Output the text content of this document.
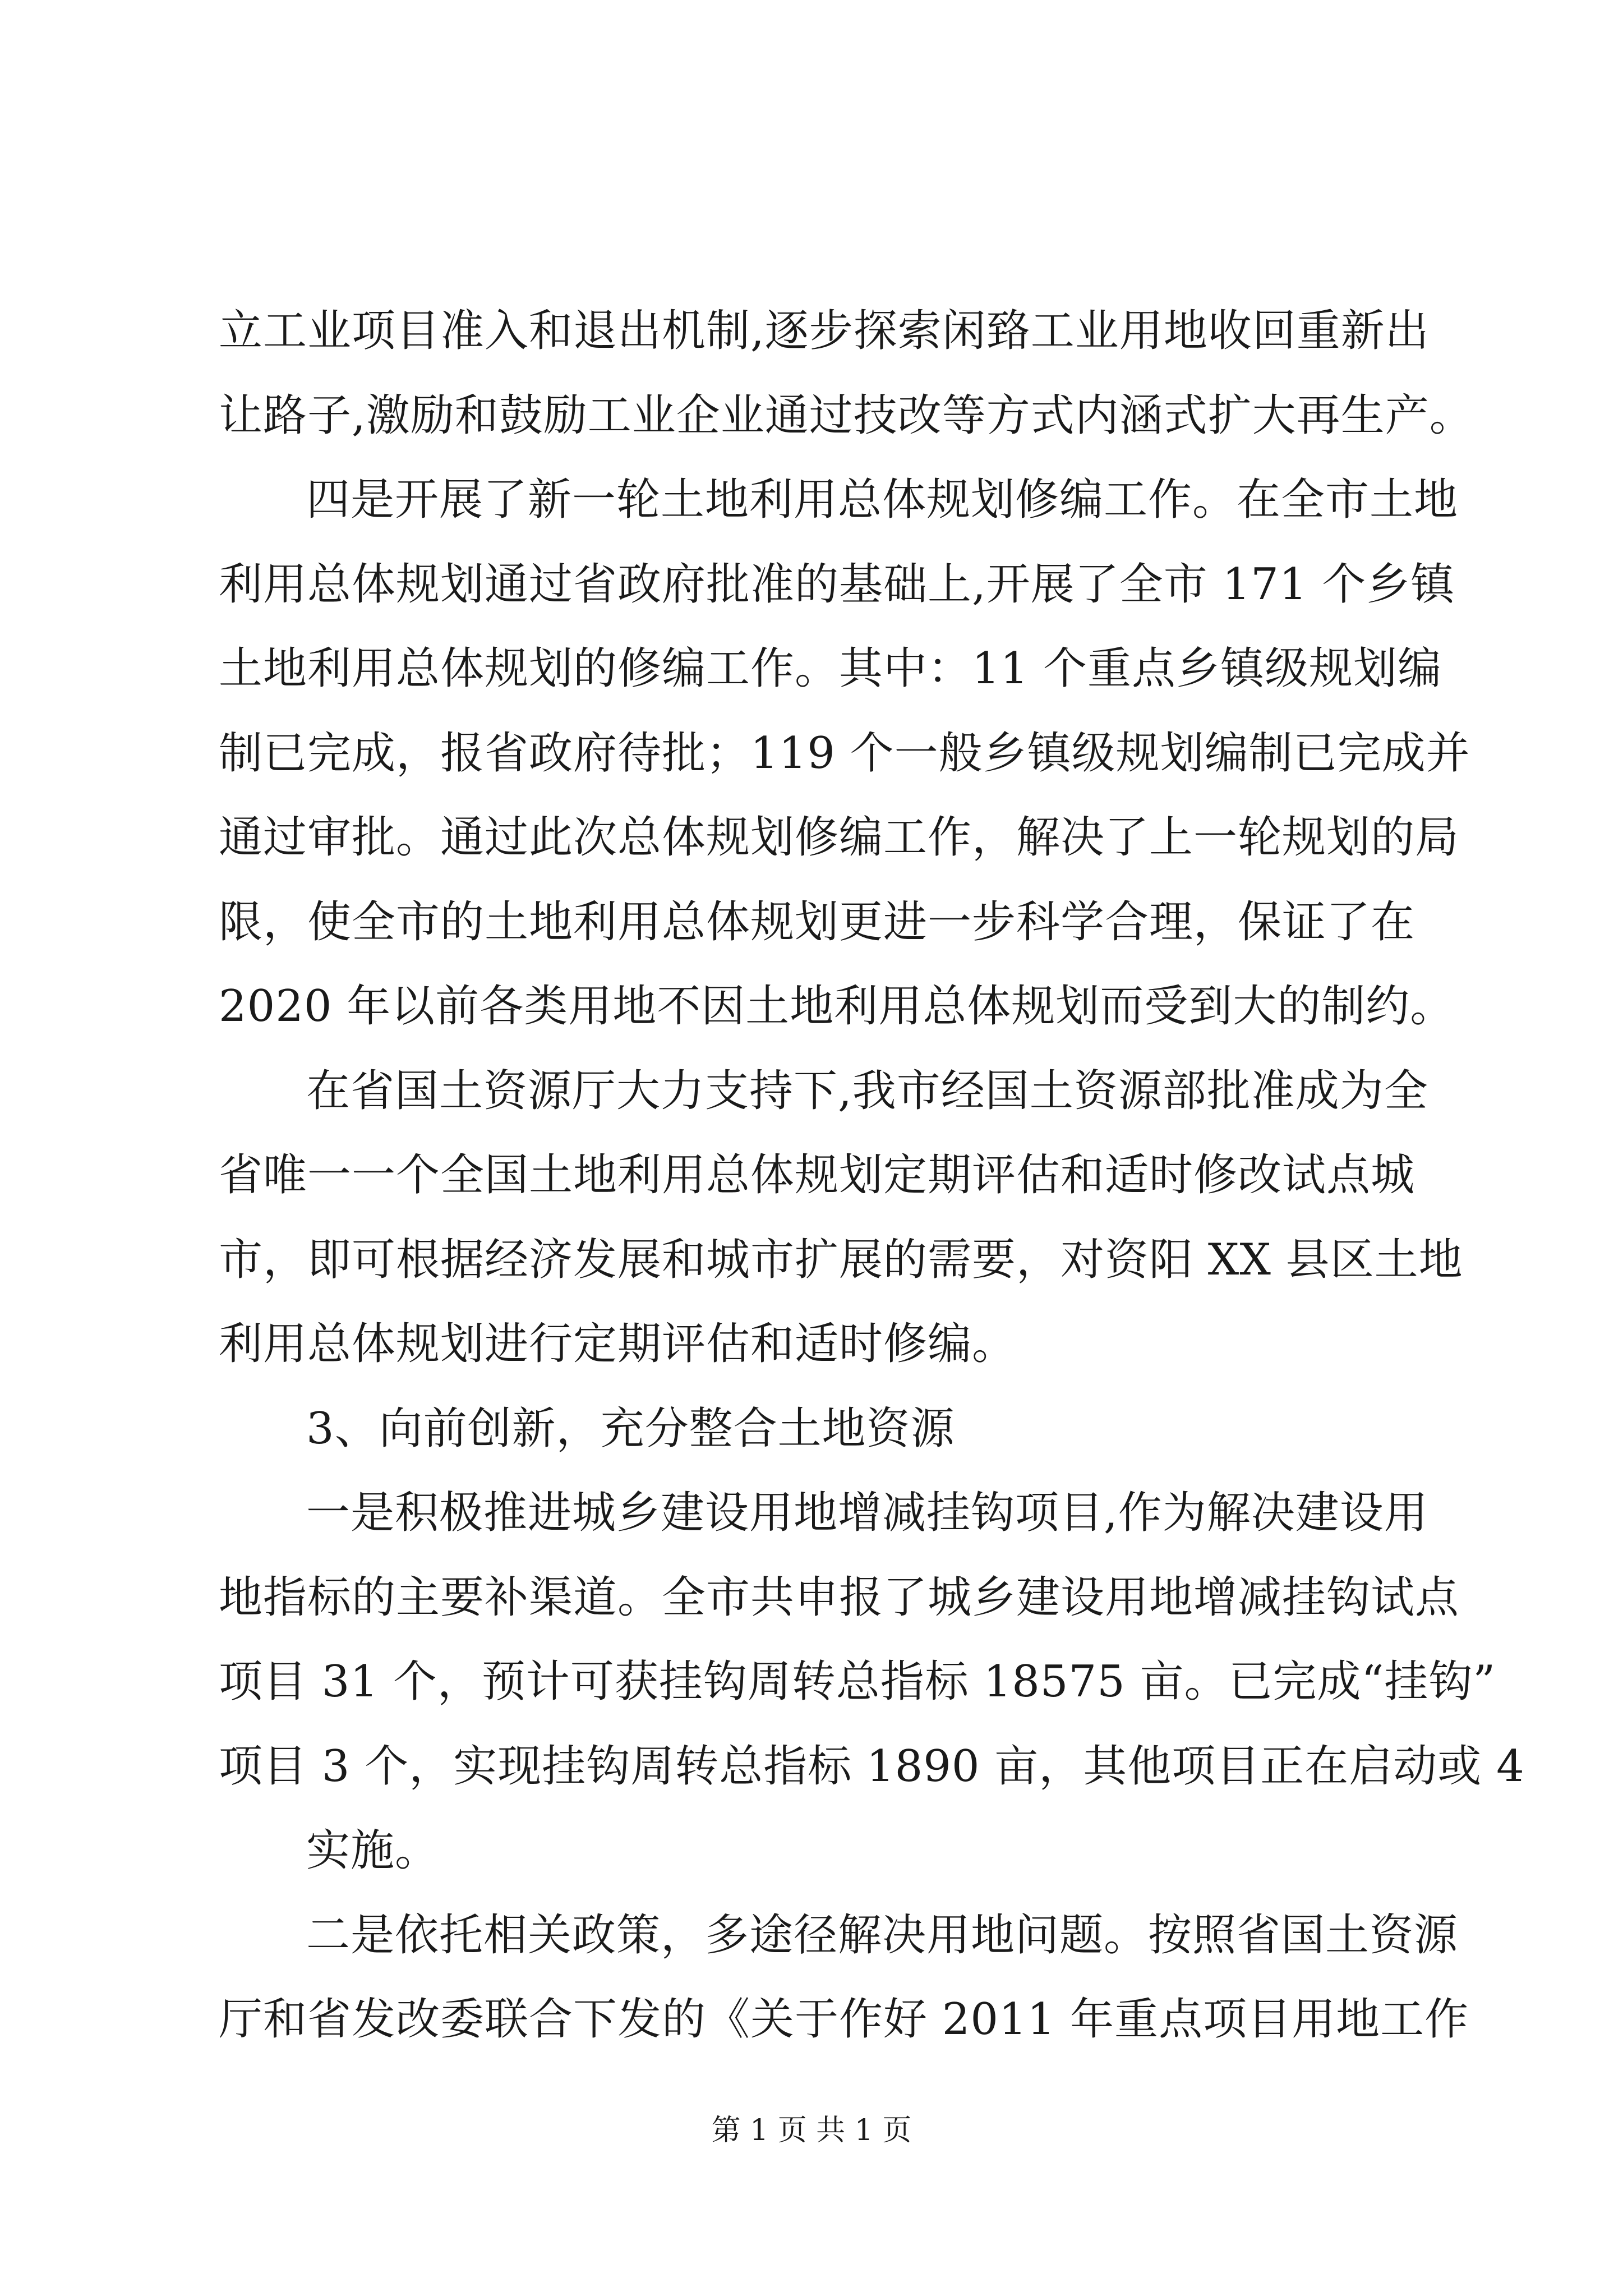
立工业项目准入和退出机制,逐步探索闲臵工业用地收回重新出
让路子,激励和鼓励工业企业通过技改等方式内涵式扩大再生产。
四是开展了新一轮土地利用总体规划修编工作。在全市土地
利用总体规划通过省政府批准的基础上,开展了全市 171 个乡镇
土地利用总体规划的修编工作。其中：11 个重点乡镇级规划编
制已完成，报省政府待批；119 个一般乡镇级规划编制已完成并
通过审批。通过此次总体规划修编工作，解决了上一轮规划的局
限，使全市的土地利用总体规划更进一步科学合理，保证了在
2020 年以前各类用地不因土地利用总体规划而受到大的制约。
在省国土资源厅大力支持下,我市经国土资源部批准成为全
省唯一一个全国土地利用总体规划定期评估和适时修改试点城
市，即可根据经济发展和城市扩展的需要，对资阳 XX 县区土地
利用总体规划进行定期评估和适时修编。
3、向前创新，充分整合土地资源
一是积极推进城乡建设用地增减挂钩项目,作为解决建设用
地指标的主要补渠道。全市共申报了城乡建设用地增减挂钩试点
项目 31 个，预计可获挂钩周转总指标 18575 亩。已完成“挂钩”
项目 3 个，实现挂钩周转总指标 1890 亩，其他项目正在启动或 4
实施。
二是依托相关政策，多途径解决用地问题。按照省国土资源
厅和省发改委联合下发的《关于作好 2011 年重点项目用地工作
第 1 页 共 1 页
